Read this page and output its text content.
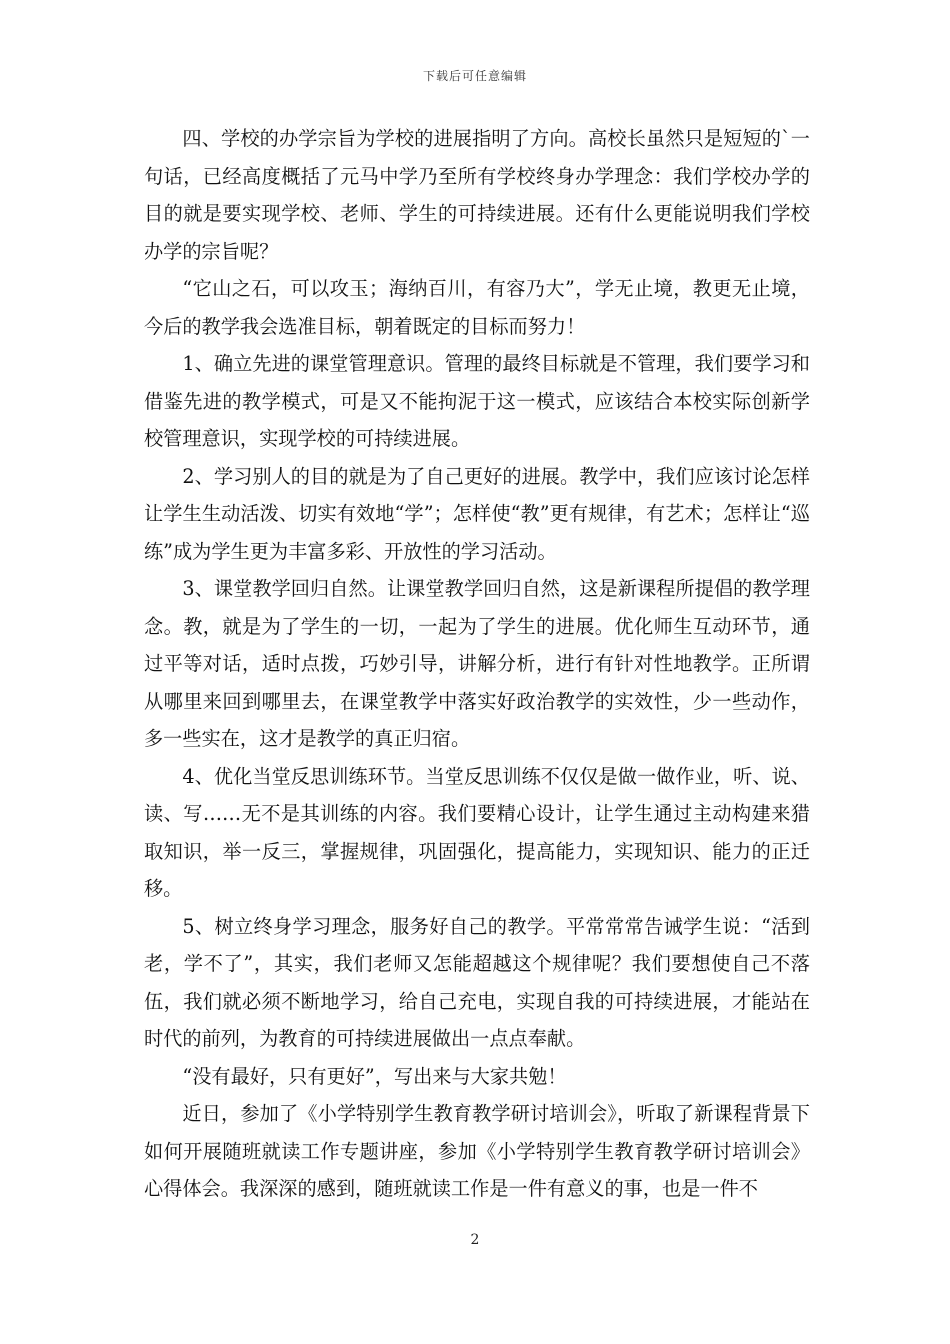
下载后可任意编辑

四、学校的办学宗旨为学校的进展指明了方向。高校长虽然只是短短的`一句话，已经高度概括了元马中学乃至所有学校终身办学理念：我们学校办学的目的就是要实现学校、老师、学生的可持续进展。还有什么更能说明我们学校办学的宗旨呢？

“它山之石，可以攻玉；海纳百川，有容乃大”，学无止境，教更无止境，今后的教学我会选准目标，朝着既定的目标而努力！

1、确立先进的课堂管理意识。管理的最终目标就是不管理，我们要学习和借鉴先进的教学模式，可是又不能拘泥于这一模式，应该结合本校实际创新学校管理意识，实现学校的可持续进展。

2、学习别人的目的就是为了自己更好的进展。教学中，我们应该讨论怎样让学生生动活泼、切实有效地“学”；怎样使“教”更有规律，有艺术；怎样让“巡练”成为学生更为丰富多彩、开放性的学习活动。

3、课堂教学回归自然。让课堂教学回归自然，这是新课程所提倡的教学理念。教，就是为了学生的一切，一起为了学生的进展。优化师生互动环节，通过平等对话，适时点拨，巧妙引导，讲解分析，进行有针对性地教学。正所谓从哪里来回到哪里去，在课堂教学中落实好政治教学的实效性，少一些动作，多一些实在，这才是教学的真正归宿。

4、优化当堂反思训练环节。当堂反思训练不仅仅是做一做作业，听、说、读、写……无不是其训练的内容。我们要精心设计，让学生通过主动构建来猎取知识，举一反三，掌握规律，巩固强化，提高能力，实现知识、能力的正迁移。

5、树立终身学习理念，服务好自己的教学。平常常常告诫学生说：“活到老，学不了”，其实，我们老师又怎能超越这个规律呢？我们要想使自己不落伍，我们就必须不断地学习，给自己充电，实现自我的可持续进展，才能站在时代的前列，为教育的可持续进展做出一点点奉献。

“没有最好，只有更好”，写出来与大家共勉！

近日，参加了《小学特别学生教育教学研讨培训会》，听取了新课程背景下如何开展随班就读工作专题讲座，参加《小学特别学生教育教学研讨培训会》心得体会。我深深的感到，随班就读工作是一件有意义的事，也是一件不

2
